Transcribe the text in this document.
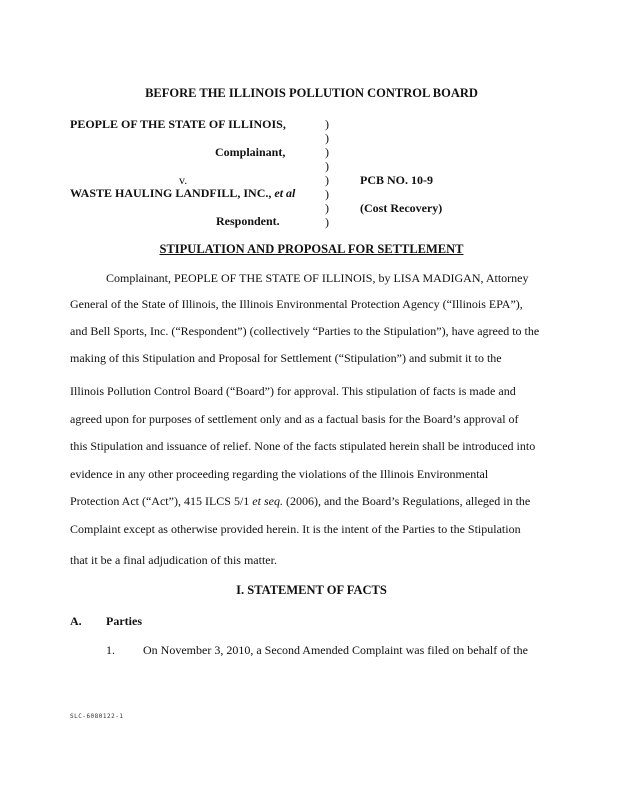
BEFORE THE ILLINOIS POLLUTION CONTROL BOARD
PEOPLE OF THE STATE OF ILLINOIS,
Complainant,
v.
WASTE HAULING LANDFILL, INC., et al
Respondent.
)
)
)
)
)
)
)
)
PCB NO. 10-9
(Cost Recovery)
STIPULATION AND PROPOSAL FOR SETTLEMENT
Complainant, PEOPLE OF THE STATE OF ILLINOIS, by LISA MADIGAN, Attorney
General of the State of Illinois, the Illinois Environmental Protection Agency (“Illinois EPA”),
and Bell Sports, Inc. (“Respondent”) (collectively “Parties to the Stipulation”), have agreed to the
making of this Stipulation and Proposal for Settlement (“Stipulation”) and submit it to the
Illinois Pollution Control Board (“Board”) for approval. This stipulation of facts is made and
agreed upon for purposes of settlement only and as a factual basis for the Board’s approval of
this Stipulation and issuance of relief. None of the facts stipulated herein shall be introduced into
evidence in any other proceeding regarding the violations of the Illinois Environmental
Protection Act (“Act”), 415 ILCS 5/1 et seq. (2006), and the Board’s Regulations, alleged in the
Complaint except as otherwise provided herein. It is the intent of the Parties to the Stipulation
that it be a final adjudication of this matter.
I. STATEMENT OF FACTS
A. Parties
1. On November 3, 2010, a Second Amended Complaint was filed on behalf of the
SLC-6080122-1
